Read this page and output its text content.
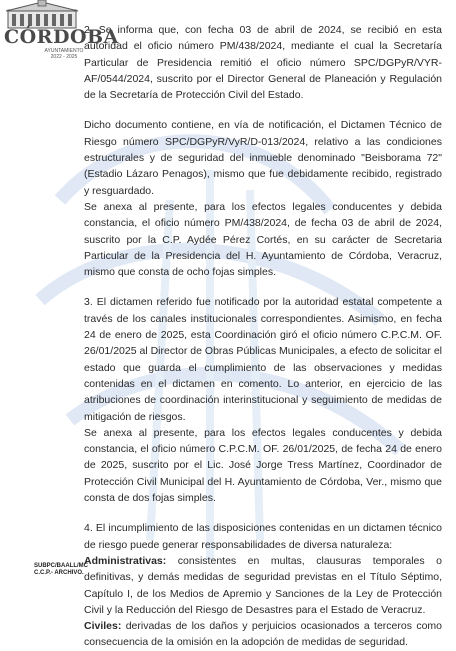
CÓRDOBA
AYUNTAMIENTO
2022 - 2025

2. Se informa que, con fecha 03 de abril de 2024, se recibió en esta autoridad el oficio número PM/438/2024, mediante el cual la Secretaría Particular de Presidencia remitió el oficio número SPC/DGPyR/VYR-AF/0544/2024, suscrito por el Director General de Planeación y Regulación de la Secretaría de Protección Civil del Estado.

Dicho documento contiene, en vía de notificación, el Dictamen Técnico de Riesgo número SPC/DGPyR/VyR/D-013/2024, relativo a las condiciones estructurales y de seguridad del inmueble denominado "Beisborama 72" (Estadio Lázaro Penagos), mismo que fue debidamente recibido, registrado y resguardado.

Se anexa al presente, para los efectos legales conducentes y debida constancia, el oficio número PM/438/2024, de fecha 03 de abril de 2024, suscrito por la C.P. Aydée Pérez Cortés, en su carácter de Secretaria Particular de la Presidencia del H. Ayuntamiento de Córdoba, Veracruz, mismo que consta de ocho fojas simples.

3. El dictamen referido fue notificado por la autoridad estatal competente a través de los canales institucionales correspondientes. Asimismo, en fecha 24 de enero de 2025, esta Coordinación giró el oficio número C.P.C.M. OF. 26/01/2025 al Director de Obras Públicas Municipales, a efecto de solicitar el estado que guarda el cumplimiento de las observaciones y medidas contenidas en el dictamen en comento. Lo anterior, en ejercicio de las atribuciones de coordinación interinstitucional y seguimiento de medidas de mitigación de riesgos.

Se anexa al presente, para los efectos legales conducentes y debida constancia, el oficio número C.P.C.M. OF. 26/01/2025, de fecha 24 de enero de 2025, suscrito por el Lic. José Jorge Tress Martínez, Coordinador de Protección Civil Municipal del H. Ayuntamiento de Córdoba, Ver., mismo que consta de dos fojas simples.

4. El incumplimiento de las disposiciones contenidas en un dictamen técnico de riesgo puede generar responsabilidades de diversa naturaleza:

Administrativas: consistentes en multas, clausuras temporales o definitivas, y demás medidas de seguridad previstas en el Título Séptimo, Capítulo I, de los Medios de Apremio y Sanciones de la Ley de Protección Civil y la Reducción del Riesgo de Desastres para el Estado de Veracruz.

Civiles: derivadas de los daños y perjuicios ocasionados a terceros como consecuencia de la omisión en la adopción de medidas de seguridad.

SUBPC/BAALL/MC
C.C.P.- ARCHIVO.
